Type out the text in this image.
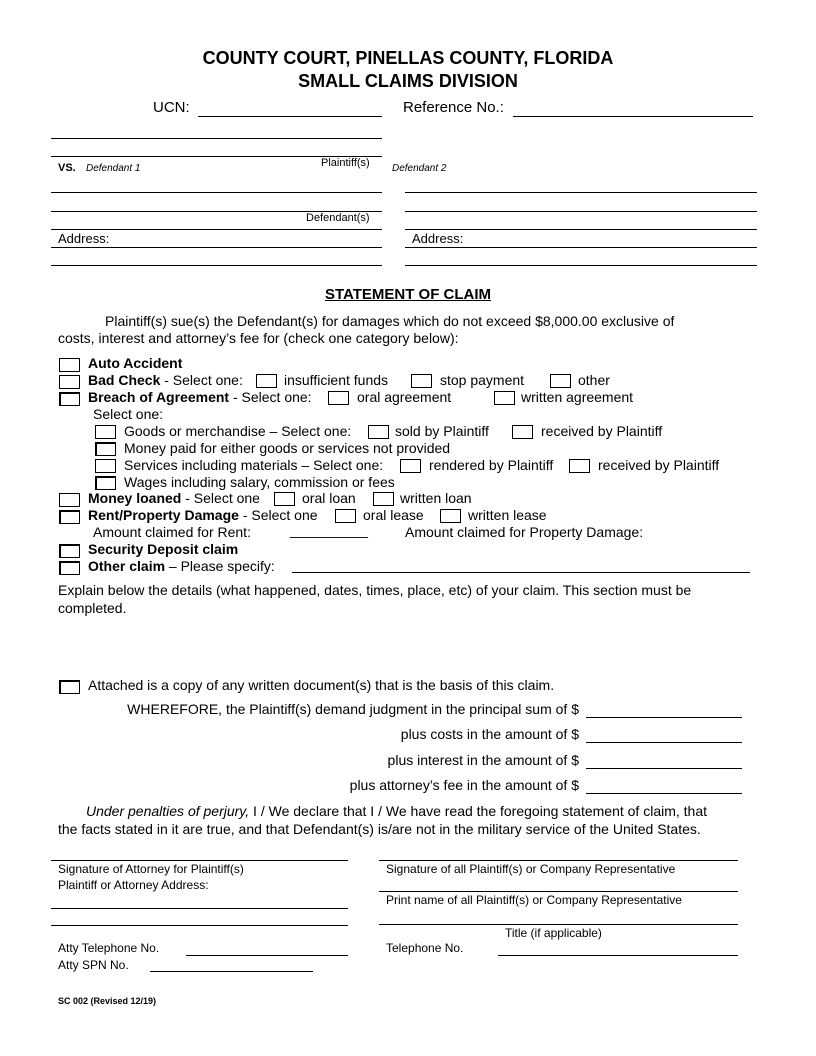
COUNTY COURT, PINELLAS COUNTY, FLORIDA
SMALL CLAIMS DIVISION
UCN:	Reference No.:
Plaintiff(s)
VS. Defendant 1	Defendant 2
Defendant(s)
Address:	Address:
STATEMENT OF CLAIM
Plaintiff(s) sue(s) the Defendant(s) for damages which do not exceed $8,000.00 exclusive of
costs, interest and attorney’s fee for (check one category below):
Auto Accident
Bad Check - Select one:	insufficient funds	stop payment	other
Breach of Agreement - Select one:	oral agreement	written agreement
Select one:
Goods or merchandise – Select one:	sold by Plaintiff	received by Plaintiff
Money paid for either goods or services not provided
Services including materials – Select one:	rendered by Plaintiff	received by Plaintiff
Wages including salary, commission or fees
Money loaned - Select one	oral loan	written loan
Rent/Property Damage - Select one	oral lease	written lease
Amount claimed for Rent:	__________	Amount claimed for Property Damage:
Security Deposit claim
Other claim – Please specify:
Explain below the details (what happened, dates, times, place, etc) of your claim. This section must be
completed.
Attached is a copy of any written document(s) that is the basis of this claim.
WHEREFORE, the Plaintiff(s) demand judgment in the principal sum of $
plus costs in the amount of $
plus interest in the amount of $
plus attorney’s fee in the amount of $
Under penalties of perjury, I / We declare that I / We have read the foregoing statement of claim, that
the facts stated in it are true, and that Defendant(s) is/are not in the military service of the United States.
Signature of Attorney for Plaintiff(s)	Signature of all Plaintiff(s) or Company Representative
Plaintiff or Attorney Address:
Print name of all Plaintiff(s) or Company Representative
Title (if applicable)
Atty Telephone No.	Telephone No.
Atty SPN No.
SC 002 (Revised 12/19)
